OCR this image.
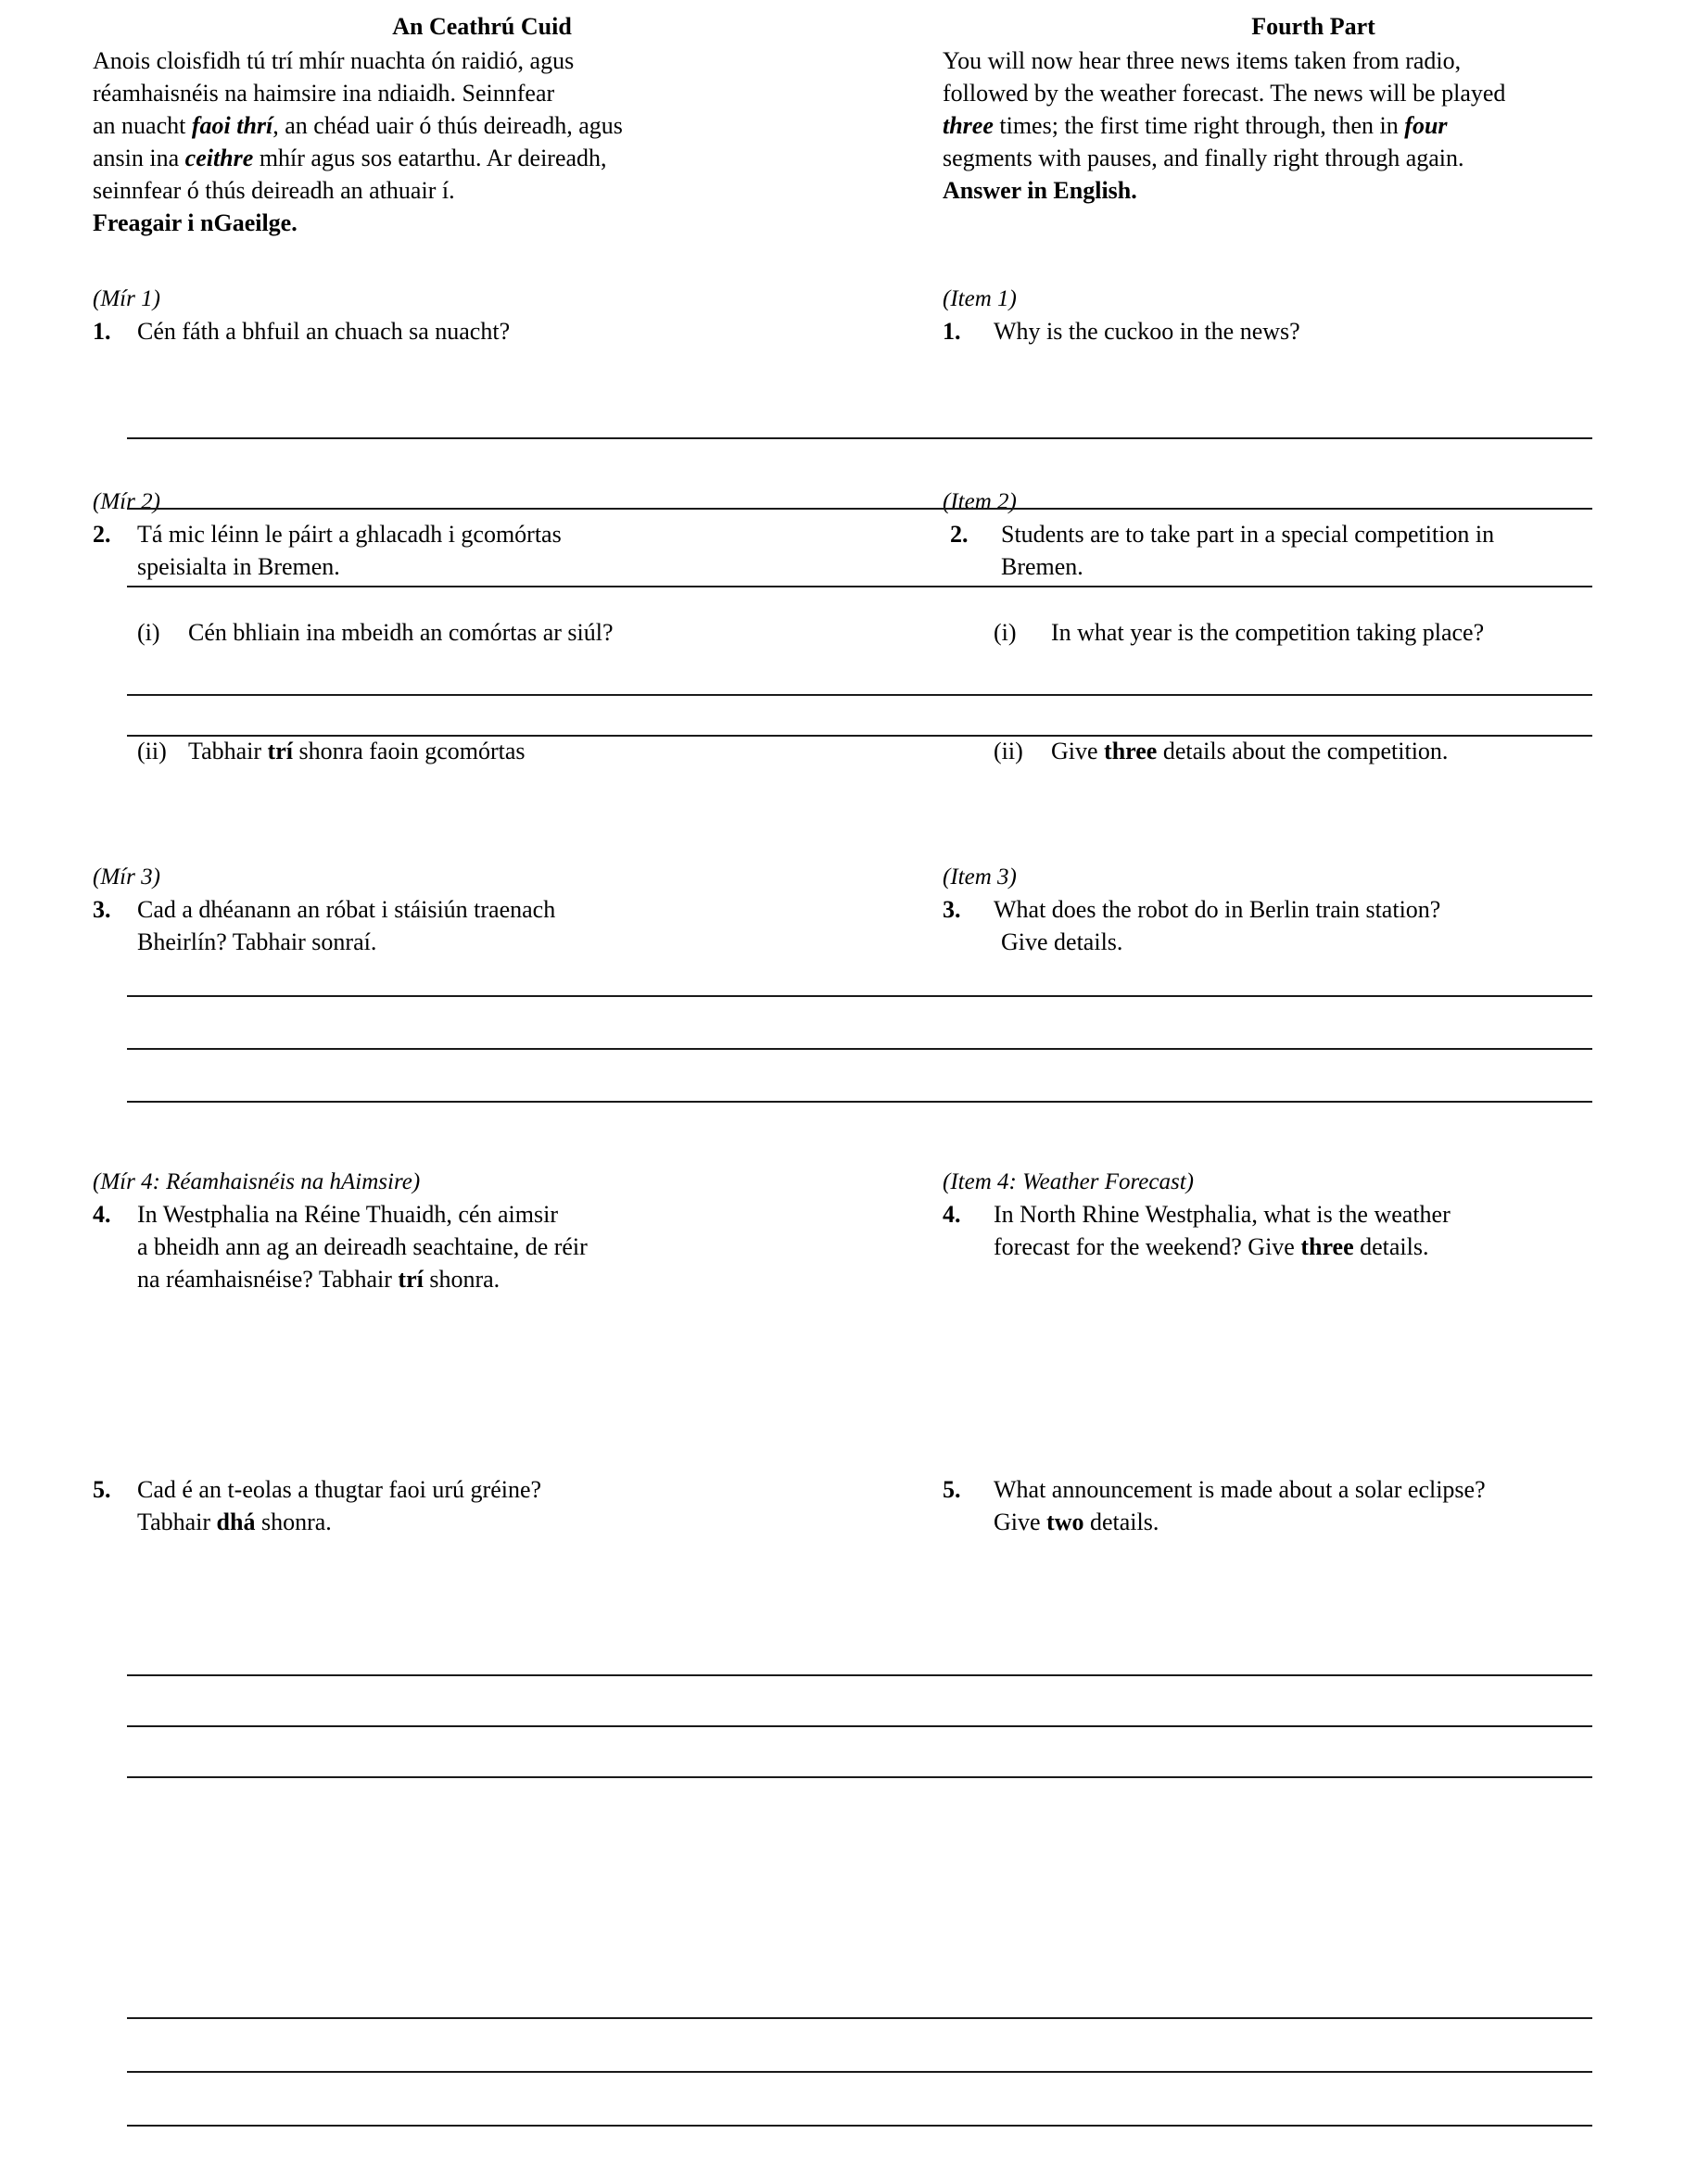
An Ceathrú Cuid

Anois cloisfidh tú trí mhír nuachta ón raidió, agus
réamhaisnéis na haimsire ina ndiaidh. Seinnfear
an nuacht faoi thrí, an chéad uair ó thús deireadh, agus
ansin ina ceithre mhír agus sos eatarthu. Ar deireadh,
seinnfear ó thús deireadh an athuair í.
Freagair i nGaeilge.

Fourth Part

You will now hear three news items taken from radio,
followed by the weather forecast. The news will be played
three times; the first time right through, then in four
segments with pauses, and finally right through again.
Answer in English.

(Mír 1)
1.	Cén fáth a bhfuil an chuach sa nuacht?
(Item 1)
1.	Why is the cuckoo in the news?
(Mír 2)
2.	Tá mic léinn le páirt a ghlacadh i gcomórtas
speisialta in Bremen.
(Item 2)
2.	Students are to take part in a special competition in
Bremen.
(i)	Cén bhliain ina mbeidh an comórtas ar siúl?	(i)	In what year is the competition taking place?
(ii) Tabhair trí shonra faoin gcomórtas	(ii)	Give three details about the competition.
(Mír 3)
3.	Cad a dhéanann an róbat i stáisiún traenach
Bheirlín? Tabhair sonraí.
(Item 3)
3.	What does the robot do in Berlin train station?
Give details.
(Mír 4: Réamhaisnéis na hAimsire)
4.	In Westphalia na Réine Thuaidh, cén aimsir
a bheidh ann ag an deireadh seachtaine, de réir
na réamhaisnéise? Tabhair trí shonra.
(Item 4: Weather Forecast)
4.	In North Rhine Westphalia, what is the weather
forecast for the weekend? Give three details.
5.	Cad é an t-eolas a thugtar faoi urú gréine?
Tabhair dhá shonra.
5.	What announcement is made about a solar eclipse?
Give two details.
